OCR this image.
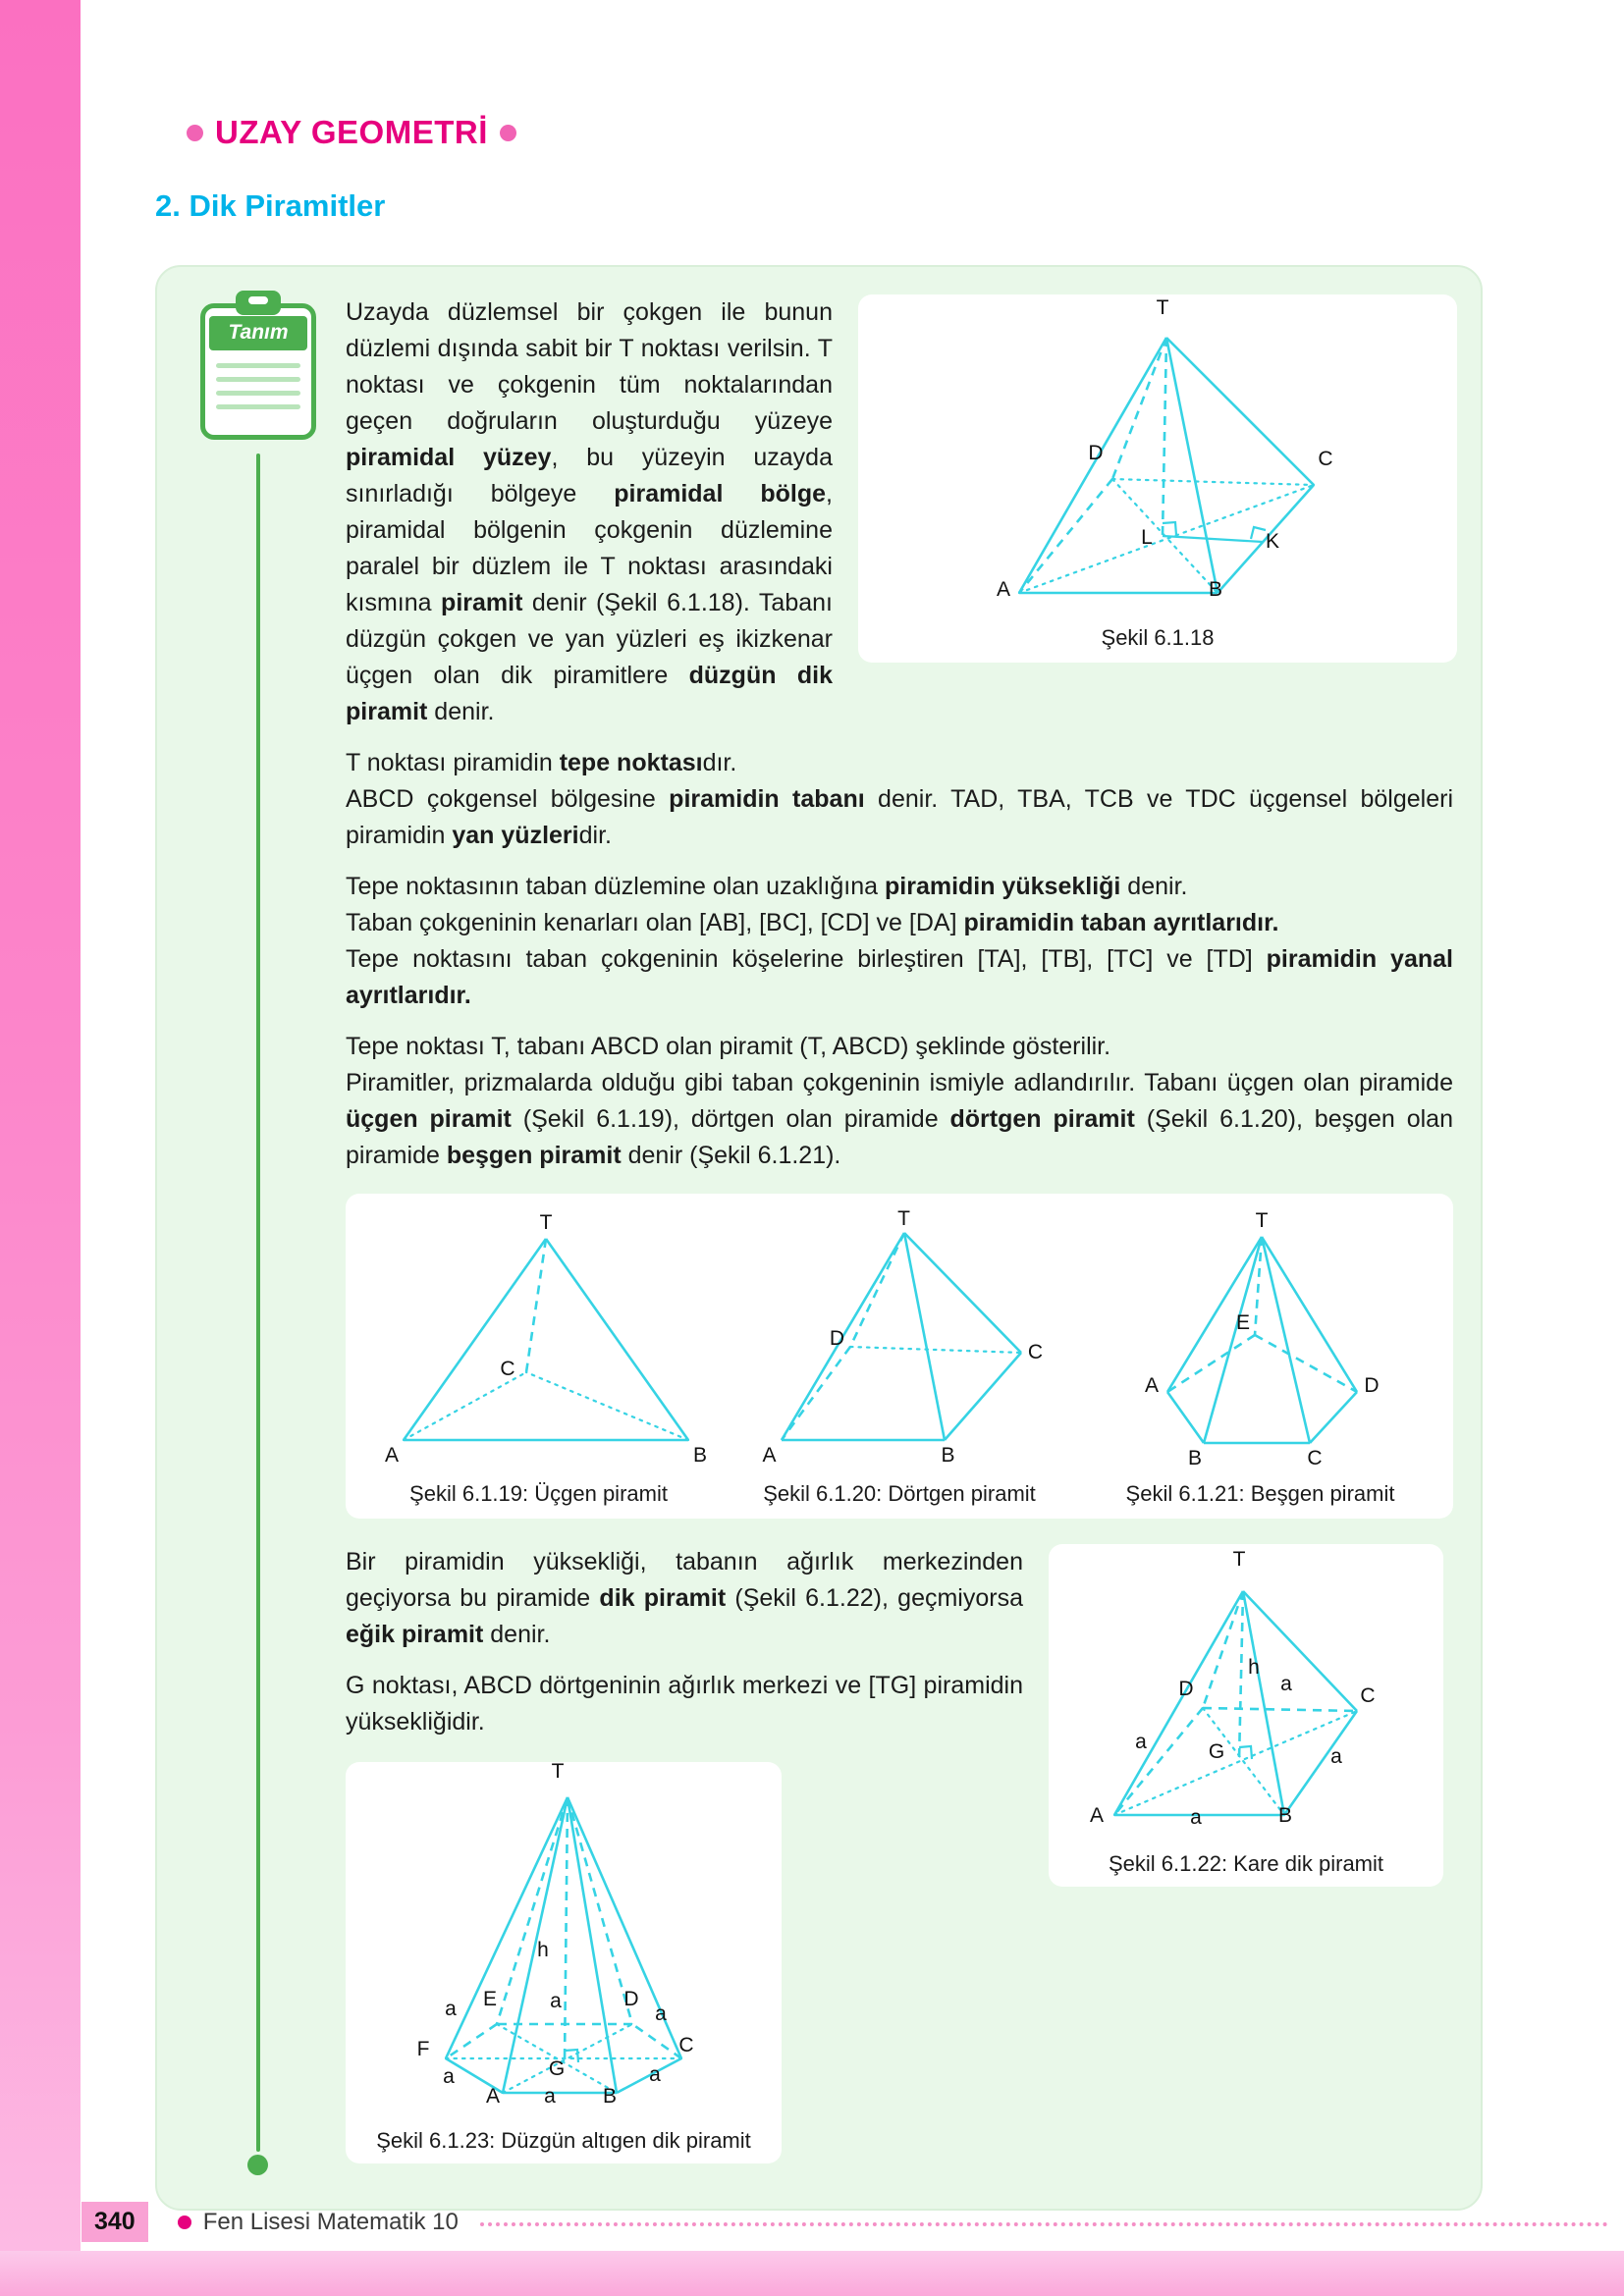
UZAY GEOMETRİ
2. Dik Piramitler
Tanım

Uzayda düzlemsel bir çokgen ile bunun düzlemi dışında sabit bir T noktası verilsin. T noktası ve çokgenin tüm noktalarından geçen doğruların oluşturduğu yüzeye piramidal yüzey, bu yüzeyin uzayda sınırladığı bölgeye piramidal bölge, piramidal bölgenin çokgenin düzlemine paralel bir düzlem ile T noktası arasındaki kısmına piramit denir (Şekil 6.1.18). Tabanı düzgün çokgen ve yan yüzleri eş ikizkenar üçgen olan dik piramitlere düzgün dik piramit denir.

T
D	C
K
L
A	B
Şekil 6.1.18

T noktası piramidin tepe noktasıdır.

ABCD çokgensel bölgesine piramidin tabanı denir. TAD, TBA, TCB ve TDC üçgensel bölgeleri piramidin yan yüzleridir.

Tepe noktasının taban düzlemine olan uzaklığına piramidin yüksekliği denir.

Taban çokgeninin kenarları olan [AB], [BC], [CD] ve [DA] piramidin taban ayrıtlarıdır.

Tepe noktasını taban çokgeninin köşelerine birleştiren [TA], [TB], [TC] ve [TD] piramidin yanal ayrıtlarıdır.

Tepe noktası T, tabanı ABCD olan piramit (T, ABCD) şeklinde gösterilir.

Piramitler, prizmalarda olduğu gibi taban çokgeninin ismiyle adlandırılır. Tabanı üçgen olan piramide üçgen piramit (Şekil 6.1.19), dörtgen olan piramide dörtgen piramit (Şekil 6.1.20), beşgen olan piramide beşgen piramit denir (Şekil 6.1.21).

T
C
A	B
Şekil 6.1.19: Üçgen piramit
T
D
C
A	B
Şekil 6.1.20: Dörtgen piramit
T
E
A	D
B	C
Şekil 6.1.21: Beşgen piramit

Bir piramidin yüksekliği, tabanın ağırlık merkezinden geçiyorsa bu piramide dik piramit (Şekil 6.1.22), geçmiyorsa eğik piramit denir.

G noktası, ABCD dörtgeninin ağırlık merkezi ve [TG] piramidin yüksekliğidir.

T
h
a E	a	D
a
F
a
A a B
a
C
G
Şekil 6.1.23: Düzgün altıgen dik piramit
T
D
h
a
C
a	G	a
A	a	B
Şekil 6.1.22: Kare dik piramit
340	Fen Lisesi Matematik 10
